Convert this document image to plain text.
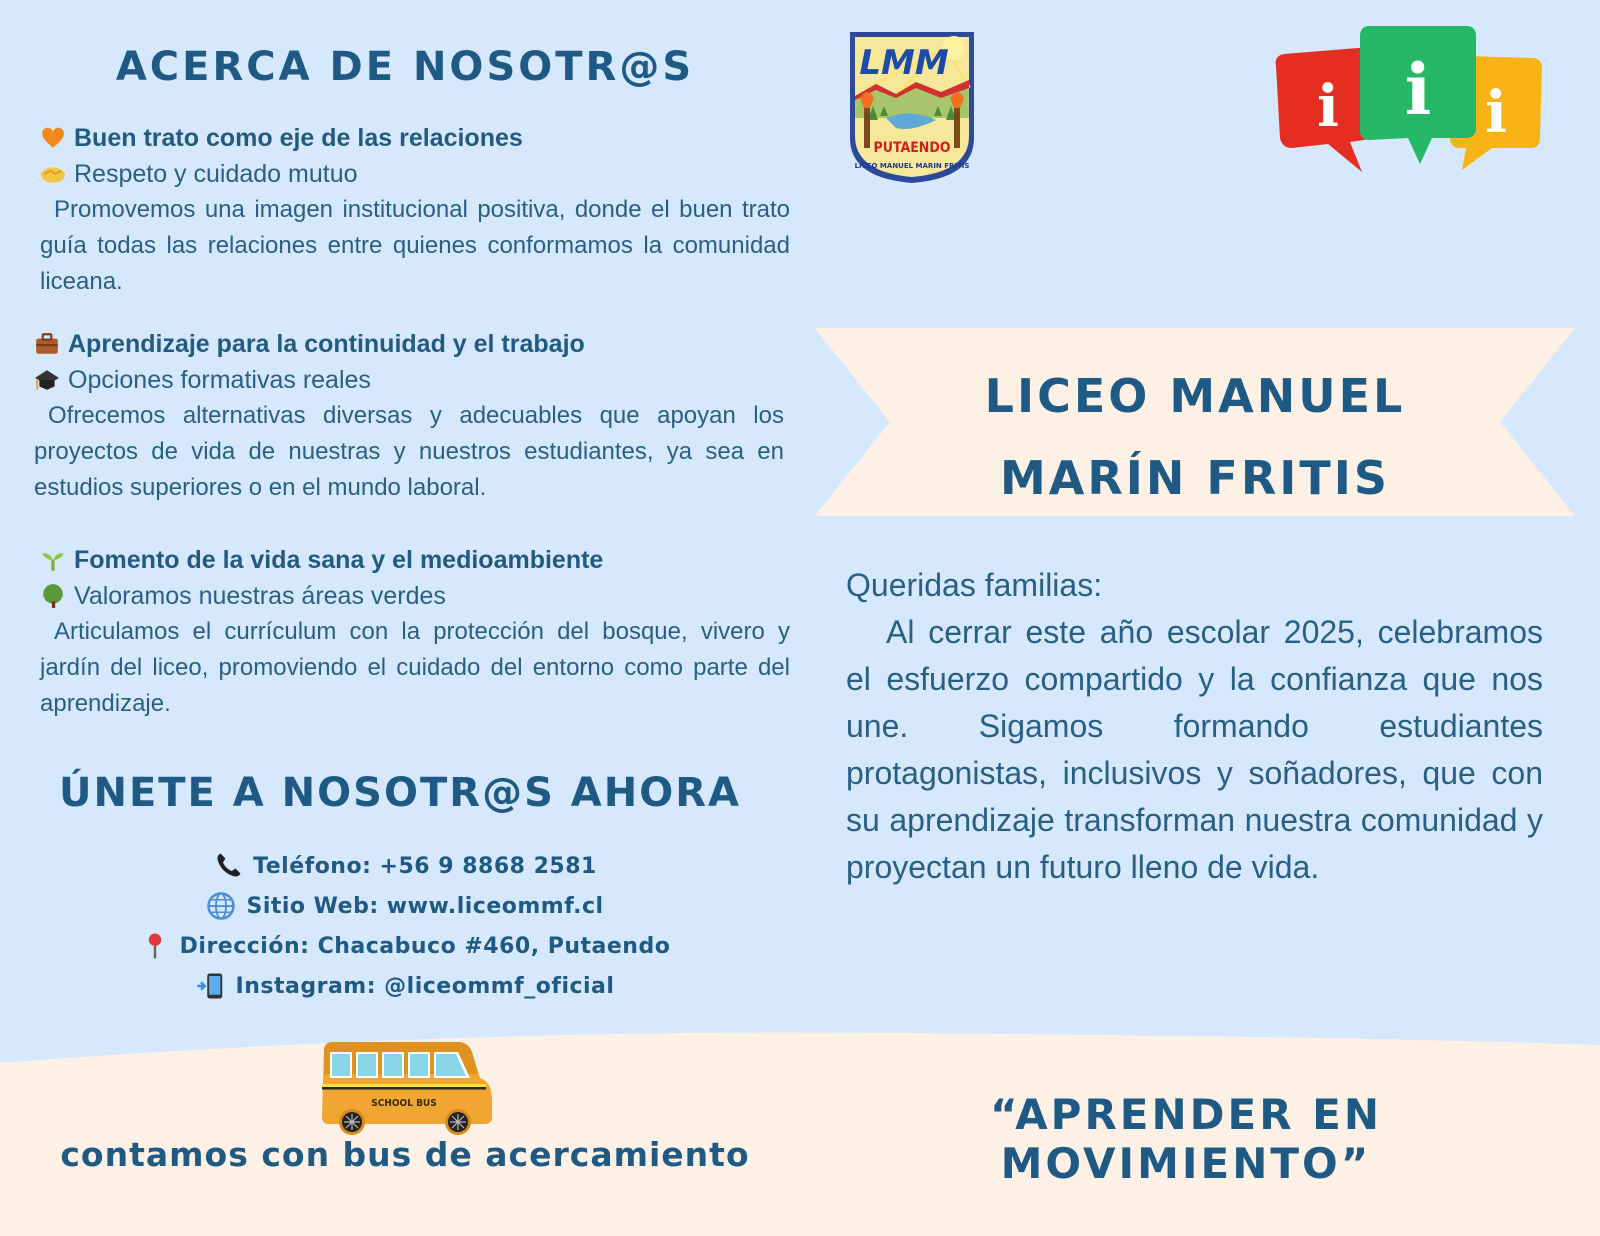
ACERCA DE NOSOTR@S
Buen trato como eje de las relaciones
Respeto y cuidado mutuo
Promovemos una imagen institucional positiva, donde el buen trato guía todas las relaciones entre quienes conformamos la comunidad liceana.
Aprendizaje para la continuidad y el trabajo
Opciones formativas reales
Ofrecemos alternativas diversas y adecuables que apoyan los proyectos de vida de nuestras y nuestros estudiantes, ya sea en estudios superiores o en el mundo laboral.
Fomento de la vida sana y el medioambiente
Valoramos nuestras áreas verdes
Articulamos el currículum con la protección del bosque, vivero y jardín del liceo, promoviendo el cuidado del entorno como parte del aprendizaje.
ÚNETE A NOSOTR@S AHORA
Teléfono: +56 9 8868 2581
Sitio Web: www.liceommf.cl
Dirección: Chacabuco #460, Putaendo
Instagram: @liceommf_oficial
SCHOOL BUS
contamos con bus de acercamiento
LMM
PUTAENDO
LICEO MANUEL MARIN FRITIS
i	i
i
LICEO MANUEL
MARÍN FRITIS
Queridas familias:
Al cerrar este año escolar 2025, celebramos el esfuerzo compartido y la confianza que nos une. Sigamos formando estudiantes protagonistas, inclusivos y soñadores, que con su aprendizaje transforman nuestra comunidad y proyectan un futuro lleno de vida.
“APRENDER EN MOVIMIENTO”
